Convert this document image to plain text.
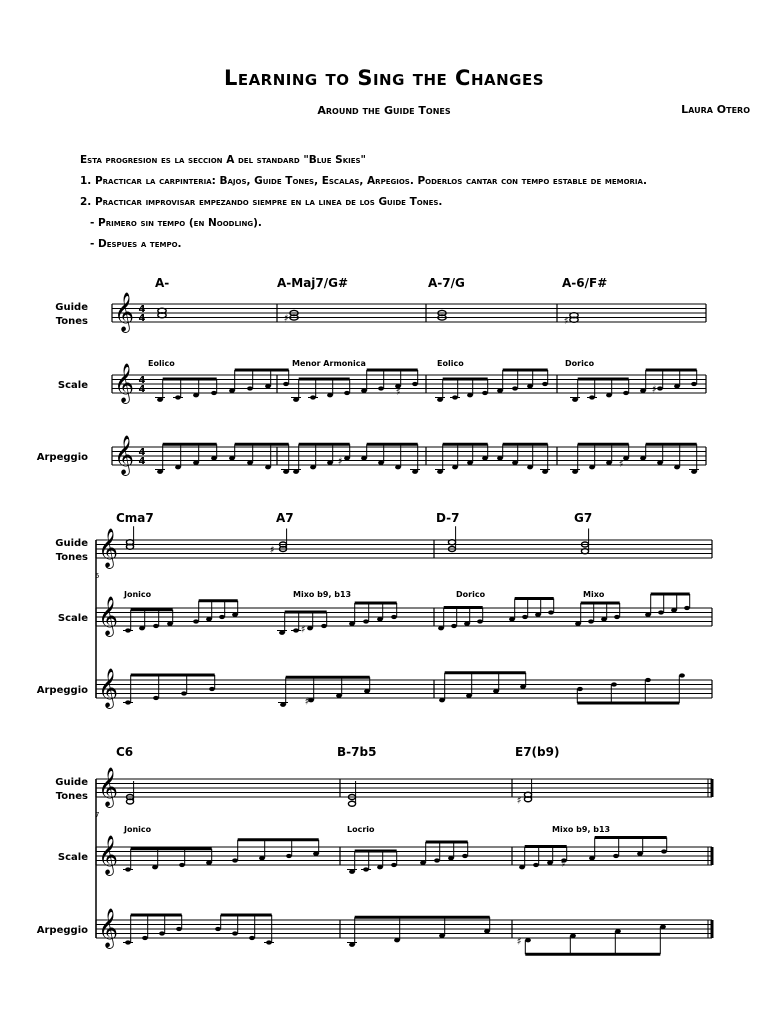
Learning to Sing the Changes
Around the Guide Tones	Laura Otero
Esta progresion es la seccion A del standard "Blue Skies"
1. Practicar la carpinteria: Bajos, Guide Tones, Escalas, Arpegios. Poderlos cantar con tempo estable de memoria.
2. Practicar improvisar empezando siempre en la linea de los Guide Tones.
- Primero sin tempo (en Noodling).
- Despues a tempo.
Guide
Tones
Scale
Arpeggio
𝄞 4
4
𝄞 4
4
𝄞 4
4
A-	A-Maj7/G#	A-7/G	A-6/F#
Eolico	Menor Armonica	Eolico	Dorico
♯	♯
♯	♯
♯	♯
Guide
Tones
Scale
Arpeggio
𝄞
𝄞
𝄞
5
Cma7	A7	D-7	G7
Jonico	Mixo b9, b13	Dorico	Mixo
♯
♯
♯
Guide
Tones
Scale
Arpeggio
𝄞
𝄞
𝄞
7
C6	B-7b5	E7(b9)
Jonico	Locrio	Mixo b9, b13
♯
♯
♯
